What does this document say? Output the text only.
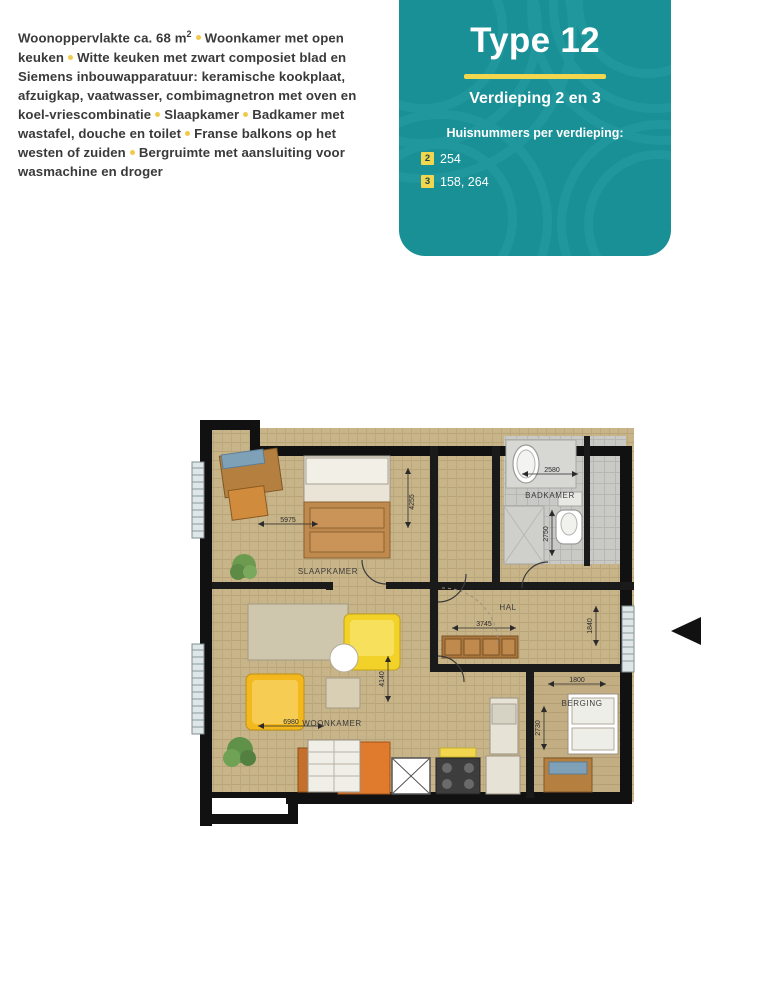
Woonoppervlakte ca. 68 $m^2$ Woonkamer met open keuken Witte keuken met zwart composiet blad en Siemens inbouwapparatuur: keramische kookplaat, afzuigkap, vaatwasser, combimagnetron met oven en koel-vriescombinatie Slaapkamer Badkamer met wastafel, douche en toilet Franse balkons op het westen of zuiden Bergruimte met aansluiting voor wasmachine en droger
Type 12
Verdieping 2 en 3
Huisnummers per verdieping:
2 254
3 158, 264
5975
4255
2580
2750
3745	1840
6980
4140	1800
2730
SLAAPKAMER
WOONKAMER
HAL
BADKAMER
BERGING
